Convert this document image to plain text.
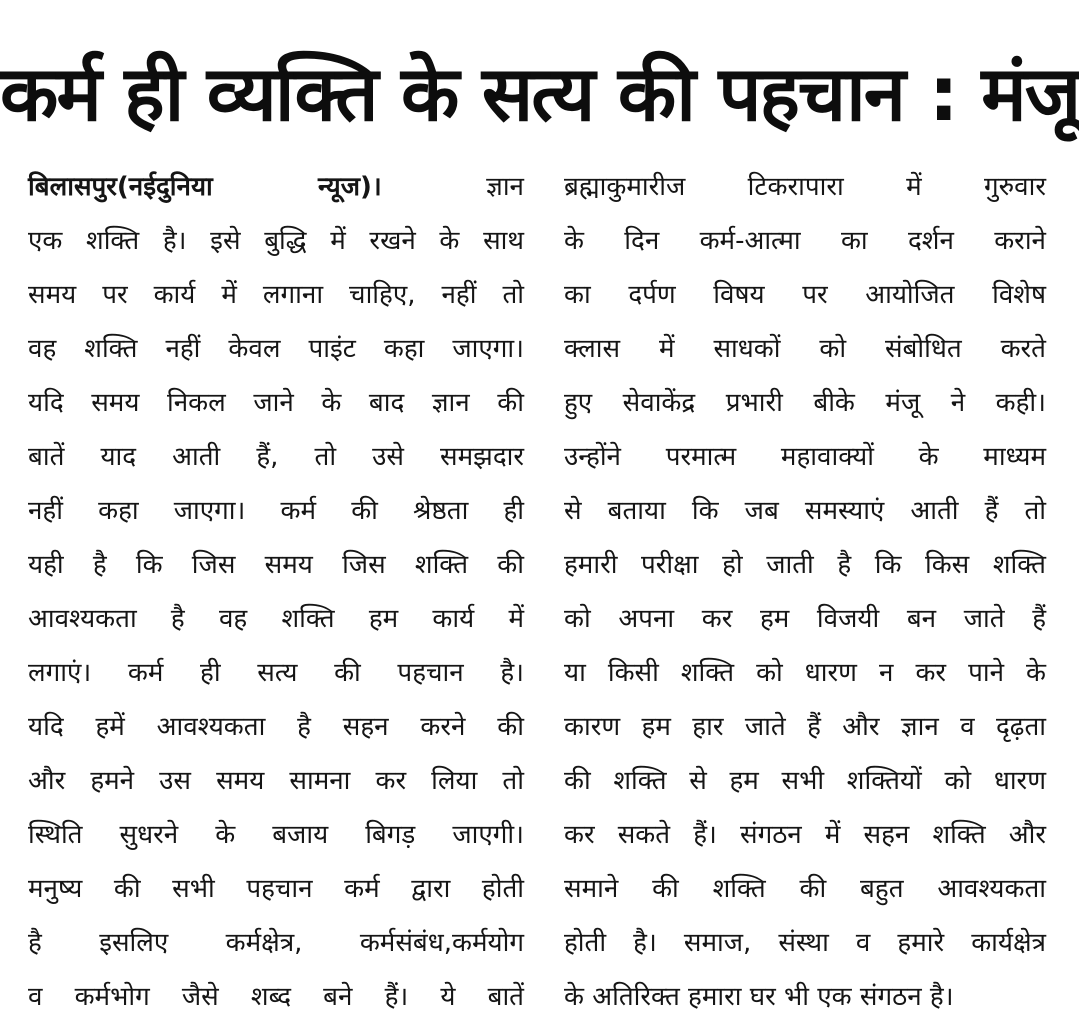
कर्म ही व्यक्ति के सत्य की पहचान : मंजू
बिलासपुर(नईदुनिया न्यूज)।	ज्ञान
एक शक्ति है। इसे बुद्धि में रखने के साथ
समय पर कार्य में लगाना चाहिए, नहीं तो
वह शक्ति नहीं केवल पाइंट कहा जाएगा।
यदि समय निकल जाने के बाद ज्ञान की
बातें याद आती हैं, तो उसे समझदार
नहीं कहा जाएगा। कर्म की श्रेष्ठता ही
यही है कि जिस समय जिस शक्ति की
आवश्यकता है वह शक्ति हम कार्य में
लगाएं। कर्म ही सत्य की पहचान है।
यदि हमें आवश्यकता है सहन करने की
और हमने उस समय सामना कर लिया तो
स्थिति सुधरने के बजाय बिगड़ जाएगी।
मनुष्य की सभी पहचान कर्म द्वारा होती
है इसलिए कर्मक्षेत्र, कर्मसंबंध,कर्मयोग
व कर्मभोग जैसे शब्द बने हैं। ये बातें
ब्रह्माकुमारीज टिकरापारा में गुरुवार
के दिन कर्म-आत्मा का दर्शन कराने
का दर्पण विषय पर आयोजित विशेष
क्लास में साधकों को संबोधित करते
हुए सेवाकेंद्र प्रभारी बीके मंजू ने कही।
उन्होंने परमात्म महावाक्यों के माध्यम
से बताया कि जब समस्याएं आती हैं तो
हमारी परीक्षा हो जाती है कि किस शक्ति
को अपना कर हम विजयी बन जाते हैं
या किसी शक्ति को धारण न कर पाने के
कारण हम हार जाते हैं और ज्ञान व दृढ़ता
की शक्ति से हम सभी शक्तियों को धारण
कर सकते हैं। संगठन में सहन शक्ति और
समाने की शक्ति की बहुत आवश्यकता
होती है। समाज, संस्था व हमारे कार्यक्षेत्र
के अतिरिक्त हमारा घर भी एक संगठन है।
